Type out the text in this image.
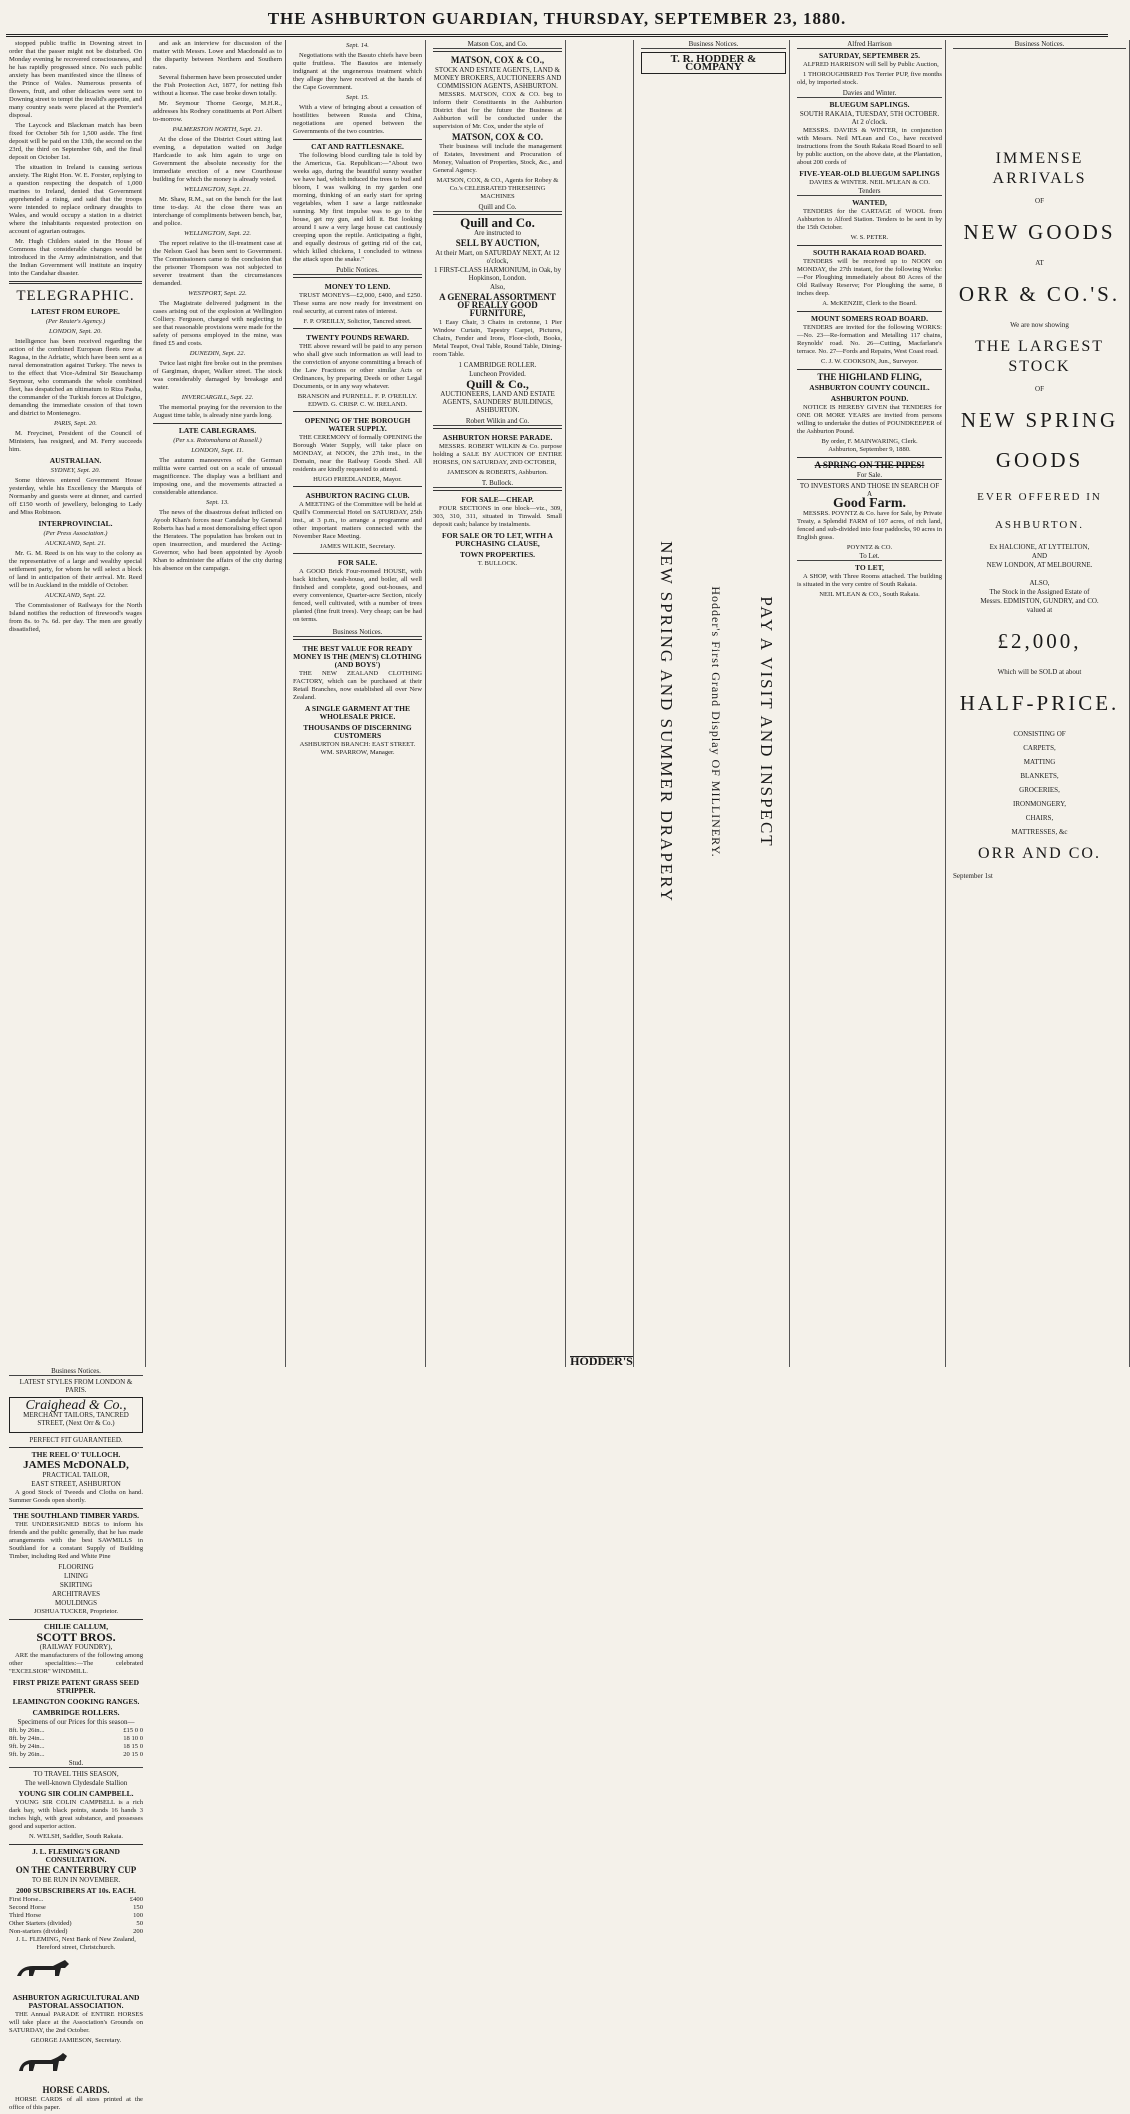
THE ASHBURTON GUARDIAN, THURSDAY, SEPTEMBER 23, 1880.

stopped public traffic in Downing street in order that the passer might not be disturbed. On Monday evening he recovered consciousness, and he has rapidly progressed since. No such public anxiety has been manifested since the illness of the Prince of Wales. Numerous presents of flowers, fruit, and other delicacies were sent to Downing street to tempt the invalid's appetite, and many country seats were placed at the Premier's disposal.

The Laycock and Blackman match has been fixed for October 5th for 1,500 aside. The first deposit will be paid on the 13th, the second on the 23rd, the third on September 6th, and the final deposit on October 1st.

The situation in Ireland is causing serious anxiety. The Right Hon. W. E. Forster, replying to a question respecting the despatch of 1,000 marines to Ireland, denied that Government apprehended a rising, and said that the troops were intended to replace ordinary draughts to Wales, and would occupy a station in a district where the inhabitants requested protection on account of agrarian outrages.

Mr. Hugh Childers stated in the House of Commons that considerable changes would be introduced in the Army administration, and that the Indian Government will institute an inquiry into the Candahar disaster.

TELEGRAPHIC.
LATEST FROM EUROPE.
(Per Reuter's Agency.)
LONDON, Sept. 20.

Intelligence has been received regarding the action of the combined European fleets now at Ragusa, in the Adriatic, which have been sent as a naval demonstration against Turkey. The news is to the effect that Vice-Admiral Sir Beauchamp Seymour, who commands the whole combined fleet, has despatched an ultimatum to Riza Pasha, the commander of the Turkish forces at Dulcigno, demanding the immediate cession of that town and district to Montenegro.

PARIS, Sept. 20.

M. Freycinet, President of the Council of Ministers, has resigned, and M. Ferry succeeds him.

AUSTRALIAN.
SYDNEY, Sept. 20.

Some thieves entered Government House yesterday, while his Excellency the Marquis of Normanby and guests were at dinner, and carried off £150 worth of jewellery, belonging to Lady and Miss Robinson.

INTERPROVINCIAL.
(Per Press Association.)
AUCKLAND, Sept. 21.

Mr. G. M. Reed is on his way to the colony as the representative of a large and wealthy special settlement party, for whom he will select a block of land in anticipation of their arrival. Mr. Reed will be in Auckland in the middle of October.

AUCKLAND, Sept. 22.

The Commissioner of Railways for the North Island notifies the reduction of firewood's wages from 8s. to 7s. 6d. per day. The men are greatly dissatisfied,

and ask an interview for discussion of the matter with Messrs. Lowe and Macdonald as to the disparity between Northern and Southern rates.

Several fishermen have been prosecuted under the Fish Protection Act, 1877, for netting fish without a license. The case broke down totally.

Mr. Seymour Thorne George, M.H.R., addresses his Rodney constituents at Port Albert to-morrow.

PALMERSTON NORTH, Sept. 21.

At the close of the District Court sitting last evening, a deputation waited on Judge Hardcastle to ask him again to urge on Government the absolute necessity for the immediate erection of a new Courthouse building for which the money is already voted.

WELLINGTON, Sept. 21.

Mr. Shaw, R.M., sat on the bench for the last time to-day. At the close there was an interchange of compliments between bench, bar, and police.

WELLINGTON, Sept. 22.

The report relative to the ill-treatment case at the Nelson Gaol has been sent to Government. The Commissioners came to the conclusion that the prisoner Thompson was not subjected to severer treatment than the circumstances demanded.

WESTPORT, Sept. 22.

The Magistrate delivered judgment in the cases arising out of the explosion at Wellington Colliery. Ferguson, charged with neglecting to see that reasonable provisions were made for the safety of persons employed in the mine, was fined £5 and costs.

DUNEDIN, Sept. 22.

Twice last night fire broke out in the premises of Gargiman, draper, Walker street. The stock was considerably damaged by breakage and water.

INVERCARGILL, Sept. 22.

The memorial praying for the reversion to the August time table, is already nine yards long.

LATE CABLEGRAMS.
(Per s.s. Rotomahana at Russell.)
LONDON, Sept. 11.

The autumn manoeuvres of the German militia were carried out on a scale of unusual magnificence. The display was a brilliant and imposing one, and the movements attracted a considerable attendance.

Sept. 13.

The news of the disastrous defeat inflicted on Ayoob Khan's forces near Candahar by General Roberts has had a most demoralising effect upon the Heratees. The population has broken out in open insurrection, and murdered the Acting-Governor, who had been appointed by Ayoob Khan to administer the affairs of the city during his absence on the campaign.

Sept. 14.

Negotiations with the Basuto chiefs have been quite fruitless. The Basutos are intensely indignant at the ungenerous treatment which they allege they have received at the hands of the Cape Government.

Sept. 15.

With a view of bringing about a cessation of hostilities between Russia and China, negotiations are opened between the Governments of the two countries.

CAT AND RATTLESNAKE.

The following blood curdling tale is told by the Americus, Ga. Republican:—"About two weeks ago, during the beautiful sunny weather we have had, which induced the trees to bud and bloom, I was walking in my garden one morning, thinking of an early start for spring vegetables, when I saw a large rattlesnake sunning. My first impulse was to go to the house, get my gun, and kill it. But looking around I saw a very large house cat cautiously creeping upon the reptile. Anticipating a fight, and equally desirous of getting rid of the cat, which killed chickens, I concluded to witness the attack upon the snake."

Public Notices.
MONEY TO LEND.

TRUST MONEYS—£2,000, £400, and £250. These sums are now ready for investment on real security, at current rates of interest.

F. P. O'REILLY, Solicitor, Tancred street.
TWENTY POUNDS REWARD.

THE above reward will be paid to any person who shall give such information as will lead to the conviction of anyone committing a breach of the Law Fractions or other similar Acts or Ordinances, by preparing Deeds or other Legal Documents, or in any way whatever.

BRANSON and FURNELL. F. P. O'REILLY. EDWD. G. CRISP. C. W. IRELAND.
OPENING OF THE BOROUGH WATER SUPPLY.

THE CEREMONY of formally OPENING the Borough Water Supply, will take place on MONDAY, at NOON, the 27th inst., in the Domain, near the Railway Goods Shed. All residents are kindly requested to attend.

HUGO FRIEDLANDER, Mayor.
ASHBURTON RACING CLUB.

A MEETING of the Committee will be held at Quill's Commercial Hotel on SATURDAY, 25th inst., at 3 p.m., to arrange a programme and other important matters connected with the November Race Meeting.

JAMES WILKIE, Secretary.
FOR SALE.

A GOOD Brick Four-roomed HOUSE, with back kitchen, wash-house, and boiler, all well finished and complete, good out-houses, and every convenience, Quarter-acre Section, nicely fenced, well cultivated, with a number of trees planted (fine fruit trees). Very cheap; can be had on terms.

Business Notices.
THE BEST VALUE FOR READY MONEY IS THE (MEN'S) CLOTHING (AND BOYS')

THE NEW ZEALAND CLOTHING FACTORY, which can be purchased at their Retail Branches, now established all over New Zealand.

A SINGLE GARMENT AT THE WHOLESALE PRICE.
THOUSANDS OF DISCERNING CUSTOMERS
ASHBURTON BRANCH: EAST STREET.
WM. SPARROW, Manager.
Matson Cox, and Co.
MATSON, COX & CO.,
STOCK AND ESTATE AGENTS, LAND & MONEY BROKERS, AUCTIONEERS AND COMMISSION AGENTS, ASHBURTON.

MESSRS. MATSON, COX & CO. beg to inform their Constituents in the Ashburton District that for the future the Business at Ashburton will be conducted under the supervision of Mr. Cox, under the style of

MATSON, COX & CO.

Their business will include the management of Estates, Investment and Procuration of Money, Valuation of Properties, Stock, &c., and General Agency.

MATSON, COX, & CO., Agents for Robey & Co.'s CELEBRATED THRESHING MACHINES
Quill and Co.
Quill and Co.
Are instructed to
SELL BY AUCTION,
At their Mart, on SATURDAY NEXT, At 12 o'clock,
1 FIRST-CLASS HARMONIUM, in Oak, by Hopkinson, London.
Also,
A GENERAL ASSORTMENT OF REALLY GOOD FURNITURE,

1 Easy Chair, 3 Chairs in cretonne, 1 Pier Window Curtain, Tapestry Carpet, Pictures, Chairs, Fender and Irons, Floor-cloth, Books, Metal Teapot, Oval Table, Round Table, Dining-room Table.

1 CAMBRIDGE ROLLER.
Luncheon Provided.
Quill & Co.,
AUCTIONEERS, LAND AND ESTATE AGENTS, SAUNDERS' BUILDINGS, ASHBURTON.
Robert Wilkin and Co.
ASHBURTON HORSE PARADE.

MESSRS. ROBERT WILKIN & Co. purpose holding a SALE BY AUCTION OF ENTIRE HORSES, ON SATURDAY, 2ND OCTOBER,

JAMESON & ROBERTS, Ashburton.
T. Bullock.
FOR SALE—CHEAP.

FOUR SECTIONS in one block—viz., 309, 303, 310, 311, situated in Tinwald. Small deposit cash; balance by instalments.

FOR SALE OR TO LET, WITH A PURCHASING CLAUSE,
TOWN PROPERTIES.
T. BULLOCK.
HODDER'S
Business Notices.
T. R. HODDER & COMPANY
NEW SPRING AND SUMMER DRAPERY	Hodder's First Grand Display OF MILLINERY. PAY A VISIT AND INSPECT
Alfred Harrison
SATURDAY, SEPTEMBER 25.

ALFRED HARRISON will Sell by Public Auction,

1 THOROUGHBRED Fox Terrier PUP, five months old, by imported stock.

Davies and Winter.
BLUEGUM SAPLINGS.
SOUTH RAKAIA, TUESDAY, 5TH OCTOBER. At 2 o'clock.

MESSRS. DAVIES & WINTER, in conjunction with Messrs. Neil M'Lean and Co., have received instructions from the South Rakaia Road Board to sell by public auction, on the above date, at the Plantation, about 200 cords of

FIVE-YEAR-OLD BLUEGUM SAPLINGS
DAVIES & WINTER. NEIL M'LEAN & CO.
Tenders
WANTED,

TENDERS for the CARTAGE of WOOL from Ashburton to Alford Station. Tenders to be sent in by the 15th October.

W. S. PETER.
SOUTH RAKAIA ROAD BOARD.

TENDERS will be received up to NOON on MONDAY, the 27th instant, for the following Works:—For Ploughing immediately about 80 Acres of the Old Railway Reserve; For Ploughing the same, 8 inches deep.

A. McKENZIE, Clerk to the Board.
MOUNT SOMERS ROAD BOARD.

TENDERS are invited for the following WORKS:—No. 23—Re-formation and Metalling 117 chains, Reynolds' road. No. 26—Cutting, Macfarlane's terrace. No. 27—Fords and Repairs, West Coast road.

C. J. W. COOKSON, Jun., Surveyor.
THE HIGHLAND FLING,
ASHBURTON COUNTY COUNCIL.
ASHBURTON POUND.

NOTICE IS HEREBY GIVEN that TENDERS for ONE OR MORE YEARS are invited from persons willing to undertake the duties of POUNDKEEPER of the Ashburton Pound.

By order, F. MAINWARING, Clerk.
Ashburton, September 9, 1880.
A SPRING ON THE PIPES!
For Sale.
TO INVESTORS AND THOSE IN SEARCH OF A
Good Farm.

MESSRS. POYNTZ & Co. have for Sale, by Private Treaty, a Splendid FARM of 107 acres, of rich land, fenced and sub-divided into four paddocks, 90 acres in English grass.

POYNTZ & CO.
To Let.
TO LET,

A SHOP, with Three Rooms attached. The building is situated in the very centre of South Rakaia.

NEIL M'LEAN & CO., South Rakaia.
Business Notices.
IMMENSE ARRIVALS
OF
NEW GOODS
AT
ORR & CO.'S.
We are now showing
THE LARGEST STOCK
OF
NEW SPRING
GOODS
EVER OFFERED IN
ASHBURTON.
Ex HALCIONE, AT LYTTELTON,
AND
NEW LONDON, AT MELBOURNE.
ALSO,
The Stock in the Assigned Estate of
Messrs. EDMISTON, GUNDRY, and CO.
valued at
£2,000,
Which will be SOLD at about
HALF-PRICE.
CONSISTING OF
CARPETS,
MATTING
BLANKETS,
GROCERIES,
IRONMONGERY,
CHAIRS,
MATTRESSES, &c
ORR AND CO.
September 1st
Business Notices.
LATEST STYLES FROM LONDON & PARIS.
Craighead & Co.,
MERCHANT TAILORS, TANCRED STREET, (Next Orr & Co.)
PERFECT FIT GUARANTEED.
THE REEL O' TULLOCH.
JAMES McDONALD,
PRACTICAL TAILOR,
EAST STREET, ASHBURTON

A good Stock of Tweeds and Cloths on hand. Summer Goods open shortly.

THE SOUTHLAND TIMBER YARDS.

THE UNDERSIGNED BEGS to inform his friends and the public generally, that he has made arrangements with the best SAWMILLS in Southland for a constant Supply of Building Timber, including Red and White Pine

FLOORING
LINING
SKIRTING
ARCHITRAVES
MOULDINGS
JOSHUA TUCKER, Proprietor.
CHILIE CALLUM,
SCOTT BROS.
(RAILWAY FOUNDRY),

ARE the manufacturers of the following among other specialities:—The celebrated "EXCELSIOR" WINDMILL.

FIRST PRIZE PATENT GRASS SEED STRIPPER.
LEAMINGTON COOKING RANGES.
CAMBRIDGE ROLLERS.
Specimens of our Prices for this season—
8ft. by 26in...	£15 0 0
8ft. by 24in...	18 10 0
9ft. by 24in...	18 15 0
9ft. by 26in...	20 15 0
Stud.
TO TRAVEL THIS SEASON,
The well-known Clydesdale Stallion
YOUNG SIR COLIN CAMPBELL.

YOUNG SIR COLIN CAMPBELL is a rich dark bay, with black points, stands 16 hands 3 inches high, with great substance, and possesses good and superior action.

N. WELSH, Saddler, South Rakaia.
J. L. FLEMING'S GRAND CONSULTATION.
ON THE CANTERBURY CUP
TO BE RUN IN NOVEMBER.
2000 SUBSCRIBERS AT 10s. EACH.
First Horse...	£400
Second Horse	150
Third Horse	100
Other Starters (divided)	50
Non-starters (divided)	200
J. L. FLEMING, Next Bank of New Zealand, Hereford street, Christchurch.
ASHBURTON AGRICULTURAL AND PASTORAL ASSOCIATION.

THE Annual PARADE of ENTIRE HORSES will take place at the Association's Grounds on SATURDAY, the 2nd October.

GEORGE JAMIESON, Secretary.
HORSE CARDS.

HORSE CARDS of all sizes printed at the office of this paper.
